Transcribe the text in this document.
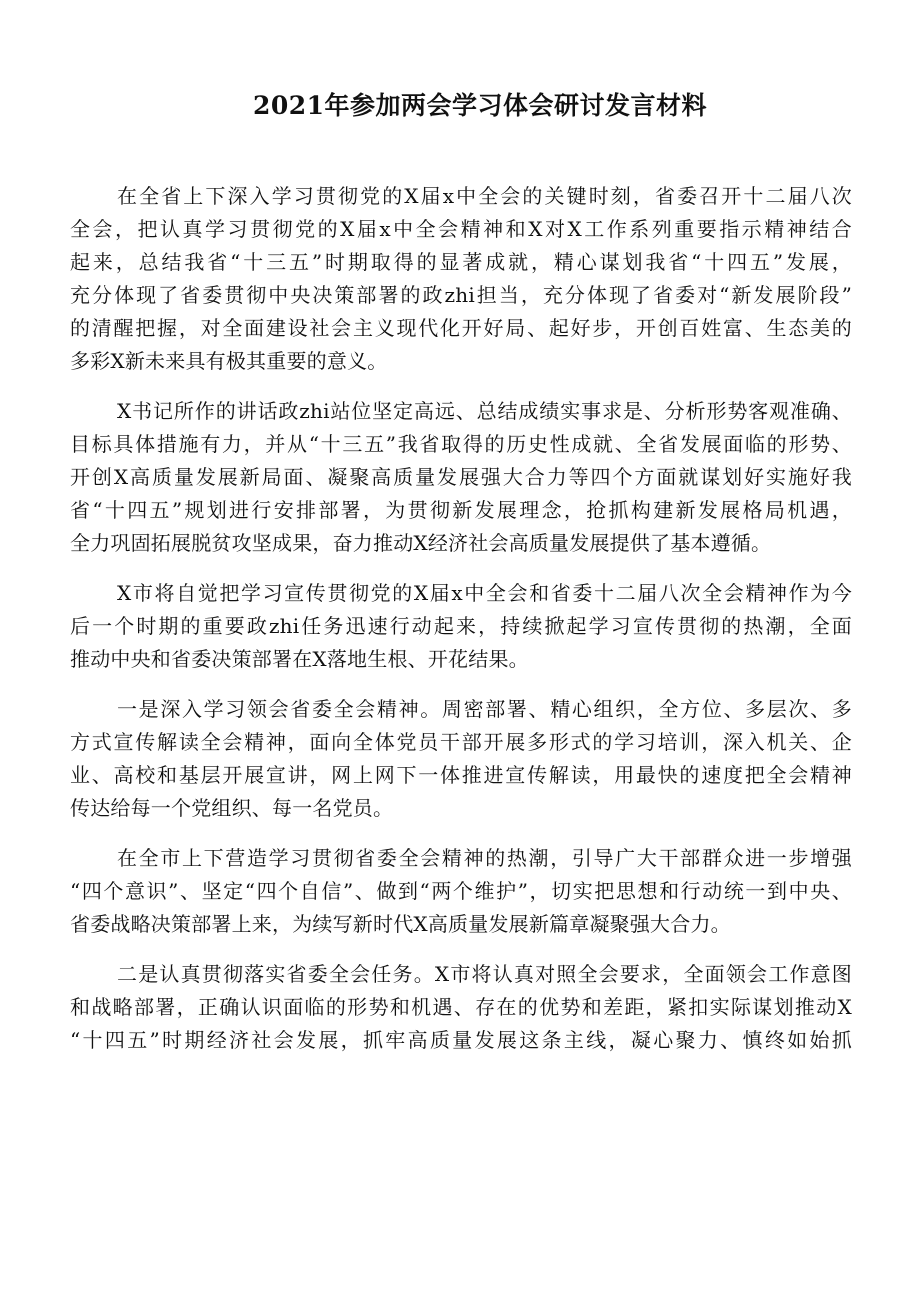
2021年参加两会学习体会研讨发言材料
在全省上下深入学习贯彻党的X届x中全会的关键时刻，省委召开十二届八次
全会，把认真学习贯彻党的X届x中全会精神和X对X工作系列重要指示精神结合
起来，总结我省“十三五”时期取得的显著成就，精心谋划我省“十四五”发展，
充分体现了省委贯彻中央决策部署的政zhi担当，充分体现了省委对“新发展阶段”
的清醒把握，对全面建设社会主义现代化开好局、起好步，开创百姓富、生态美的
多彩X新未来具有极其重要的意义。
X书记所作的讲话政zhi站位坚定高远、总结成绩实事求是、分析形势客观准确、
目标具体措施有力，并从“十三五”我省取得的历史性成就、全省发展面临的形势、
开创X高质量发展新局面、凝聚高质量发展强大合力等四个方面就谋划好实施好我
省“十四五”规划进行安排部署，为贯彻新发展理念，抢抓构建新发展格局机遇，
全力巩固拓展脱贫攻坚成果，奋力推动X经济社会高质量发展提供了基本遵循。
X市将自觉把学习宣传贯彻党的X届x中全会和省委十二届八次全会精神作为今
后一个时期的重要政zhi任务迅速行动起来，持续掀起学习宣传贯彻的热潮，全面
推动中央和省委决策部署在X落地生根、开花结果。
一是深入学习领会省委全会精神。周密部署、精心组织，全方位、多层次、多
方式宣传解读全会精神，面向全体党员干部开展多形式的学习培训，深入机关、企
业、高校和基层开展宣讲，网上网下一体推进宣传解读，用最快的速度把全会精神
传达给每一个党组织、每一名党员。
在全市上下营造学习贯彻省委全会精神的热潮，引导广大干部群众进一步增强
“四个意识”、坚定“四个自信”、做到“两个维护”，切实把思想和行动统一到中央、
省委战略决策部署上来，为续写新时代X高质量发展新篇章凝聚强大合力。
二是认真贯彻落实省委全会任务。X市将认真对照全会要求，全面领会工作意图
和战略部署，正确认识面临的形势和机遇、存在的优势和差距，紧扣实际谋划推动X
“十四五”时期经济社会发展，抓牢高质量发展这条主线，凝心聚力、慎终如始抓
